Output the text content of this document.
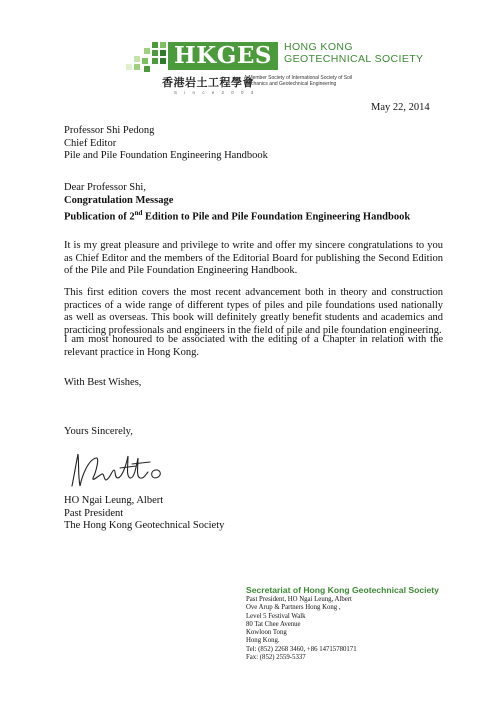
HKGES	HONG KONG
GEOTECHNICAL SOCIETY
香港岩土工程學會
S i n c e 2 0 0 3
A Member Society of International Society of Soil
Mechanics and Geotechnical Engineering
May 22, 2014
Professor Shi Pedong
Chief Editor
Pile and Pile Foundation Engineering Handbook
Dear Professor Shi,
Congratulation Message
Publication of 2nd Edition to Pile and Pile Foundation Engineering Handbook
It is my great pleasure and privilege to write and offer my sincere congratulations to you as Chief Editor and the members of the Editorial Board for publishing the Second Edition of the Pile and Pile Foundation Engineering Handbook.
This first edition covers the most recent advancement both in theory and construction practices of a wide range of different types of piles and pile foundations used nationally as well as overseas. This book will definitely greatly benefit students and academics and practicing professionals and engineers in the field of pile and pile foundation engineering.
I am most honoured to be associated with the editing of a Chapter in relation with the relevant practice in Hong Kong.
With Best Wishes,
Yours Sincerely,
HO Ngai Leung, Albert
Past President
The Hong Kong Geotechnical Society
Secretariat of Hong Kong Geotechnical Society
Past President, HO Ngai Leung, Albert
Ove Arup & Partners Hong Kong ,
Level 5 Festival Walk
80 Tat Chee Avenue
Kowloon Tong
Hong Kong.
Tel: (852) 2268 3460, +86 14715780171
Fax: (852) 2559-5337
